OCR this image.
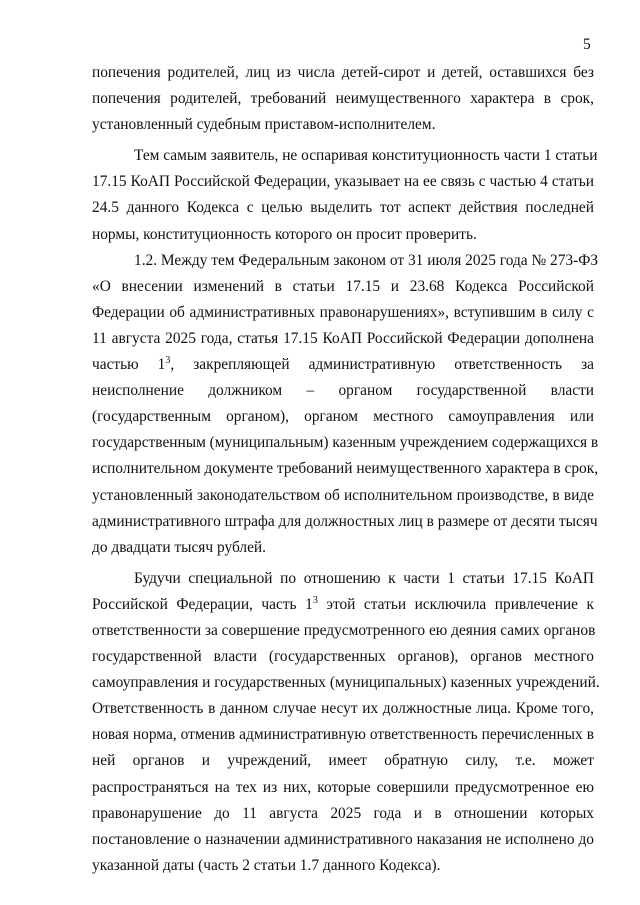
5
попечения родителей, лиц из числа детей-сирот и детей, оставшихся без
попечения родителей, требований неимущественного характера в срок,
установленный судебным приставом-исполнителем.
Тем самым заявитель, не оспаривая конституционность части 1 статьи
17.15 КоАП Российской Федерации, указывает на ее связь с частью 4 статьи
24.5 данного Кодекса с целью выделить тот аспект действия последней
нормы, конституционность которого он просит проверить.
1.2. Между тем Федеральным законом от 31 июля 2025 года № 273-ФЗ
«О внесении изменений в статьи 17.15 и 23.68 Кодекса Российской
Федерации об административных правонарушениях», вступившим в силу с
11 августа 2025 года, статья 17.15 КоАП Российской Федерации дополнена
частью $1^3$, закрепляющей административную ответственность за
неисполнение должником – органом государственной власти
(государственным органом), органом местного самоуправления или
государственным (муниципальным) казенным учреждением содержащихся в
исполнительном документе требований неимущественного характера в срок,
установленный законодательством об исполнительном производстве, в виде
административного штрафа для должностных лиц в размере от десяти тысяч
до двадцати тысяч рублей.
Будучи специальной по отношению к части 1 статьи 17.15 КоАП
Российской Федерации, часть $1^3$ этой статьи исключила привлечение к
ответственности за совершение предусмотренного ею деяния самих органов
государственной власти (государственных органов), органов местного
самоуправления и государственных (муниципальных) казенных учреждений.
Ответственность в данном случае несут их должностные лица. Кроме того,
новая норма, отменив административную ответственность перечисленных в
ней органов и учреждений, имеет обратную силу, т.е. может
распространяться на тех из них, которые совершили предусмотренное ею
правонарушение до 11 августа 2025 года и в отношении которых
постановление о назначении административного наказания не исполнено до
указанной даты (часть 2 статьи 1.7 данного Кодекса).
